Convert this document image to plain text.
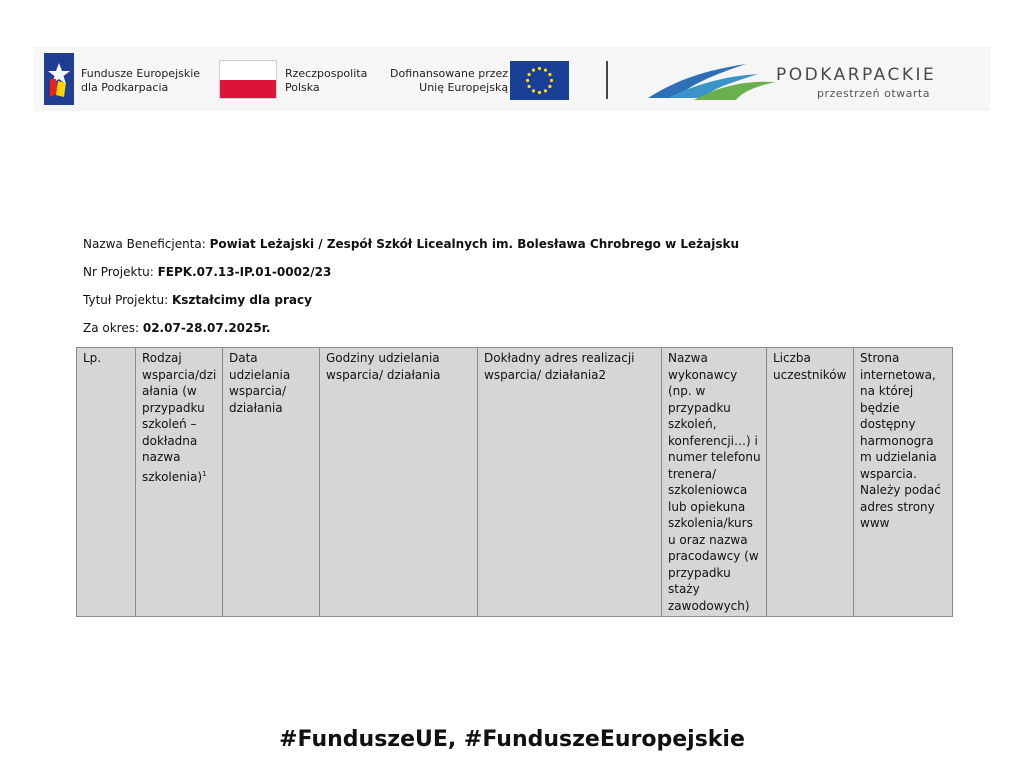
Fundusze Europejskie
dla Podkarpacia
Rzeczpospolita
Polska
Dofinansowane przez
Unię Europejską
PODKARPACKIE
przestrzeń otwarta
Nazwa Beneficjenta: Powiat Leżajski / Zespół Szkół Licealnych im. Bolesława Chrobrego w Leżajsku
Nr Projektu: FEPK.07.13-IP.01-0002/23
Tytuł Projektu: Kształcimy dla pracy
Za okres: 02.07-28.07.2025r.
Lp.	Rodzaj wsparcia/dzi ałania (w przypadku szkoleń – dokładna nazwa szkolenia)$^1$	Data udzielania wsparcia/ działania	Godziny udzielania wsparcia/ działania	Dokładny adres realizacji wsparcia/ działania2	Nazwa wykonawcy (np. w przypadku szkoleń, konferencji…) i numer telefonu trenera/ szkoleniowca lub opiekuna szkolenia/kurs u oraz nazwa pracodawcy (w przypadku staży zawodowych)	Liczba uczestników	Strona internetowa, na której będzie dostępny harmonogra m udzielania wsparcia. Należy podać adres strony www
#FunduszeUE, #FunduszeEuropejskie
